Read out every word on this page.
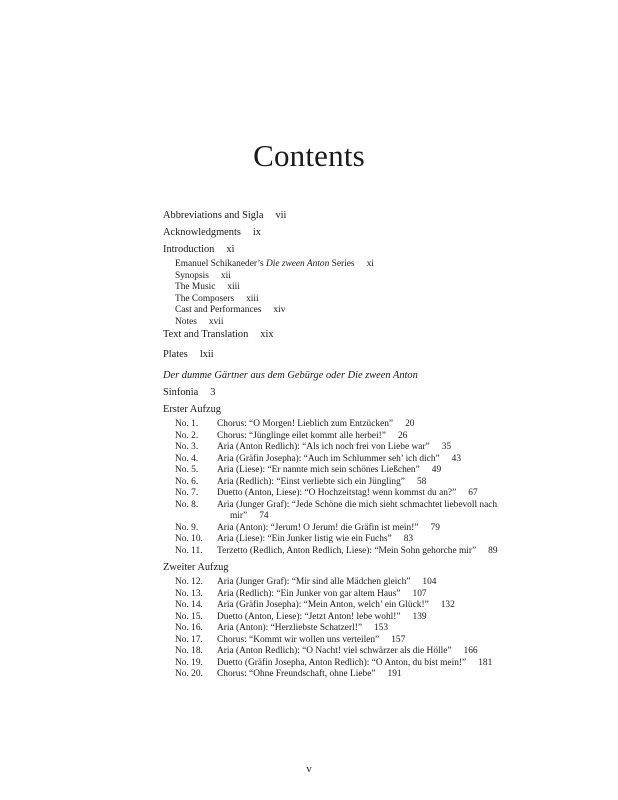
Contents
Abbreviations and Sigla vii
Acknowledgments ix
Introduction xi
Emanuel Schikaneder’s Die zween Anton Series xi
Synopsis xii
The Music xiii
The Composers xiii
Cast and Performances xiv
Notes xvii
Text and Translation xix
Plates lxii
Der dumme Gärtner aus dem Gebürge oder Die zween Anton
Sinfonia 3
Erster Aufzug
No. 1. Chorus: “O Morgen! Lieblich zum Entzücken” 20
No. 2. Chorus: “Jünglinge eilet kommt alle herbei!” 26
No. 3. Aria (Anton Redlich): “Als ich noch frei von Liebe war” 35
No. 4. Aria (Gräfin Josepha): “Auch im Schlummer seh’ ich dich” 43
No. 5. Aria (Liese): “Er nannte mich sein schönes Ließchen” 49
No. 6. Aria (Redlich): “Einst verliebte sich ein Jüngling” 58
No. 7. Duetto (Anton, Liese): “O Hochzeitstag! wenn kommst du an?” 67
No. 8. Aria (Junger Graf): “Jede Schöne die mich sieht schmachtet liebevoll nach
mir” 74
No. 9. Aria (Anton): “Jerum! O Jerum! die Gräfin ist mein!” 79
No. 10. Aria (Liese): “Ein Junker listig wie ein Fuchs” 83
No. 11. Terzetto (Redlich, Anton Redlich, Liese): “Mein Sohn gehorche mir” 89
Zweiter Aufzug
No. 12. Aria (Junger Graf): “Mir sind alle Mädchen gleich” 104
No. 13. Aria (Redlich): “Ein Junker von gar altem Haus” 107
No. 14. Aria (Gräfin Josepha): “Mein Anton, welch’ ein Glück!” 132
No. 15. Duetto (Anton, Liese): “Jetzt Anton! lebe wohl!” 139
No. 16. Aria (Anton): “Herzliebste Schatzerl!” 153
No. 17. Chorus: “Kommt wir wollen uns verteilen” 157
No. 18. Aria (Anton Redlich): “O Nacht! viel schwärzer als die Hölle” 166
No. 19. Duetto (Gräfin Josepha, Anton Redlich): “O Anton, du bist mein!” 181
No. 20. Chorus: “Ohne Freundschaft, ohne Liebe” 191
v
